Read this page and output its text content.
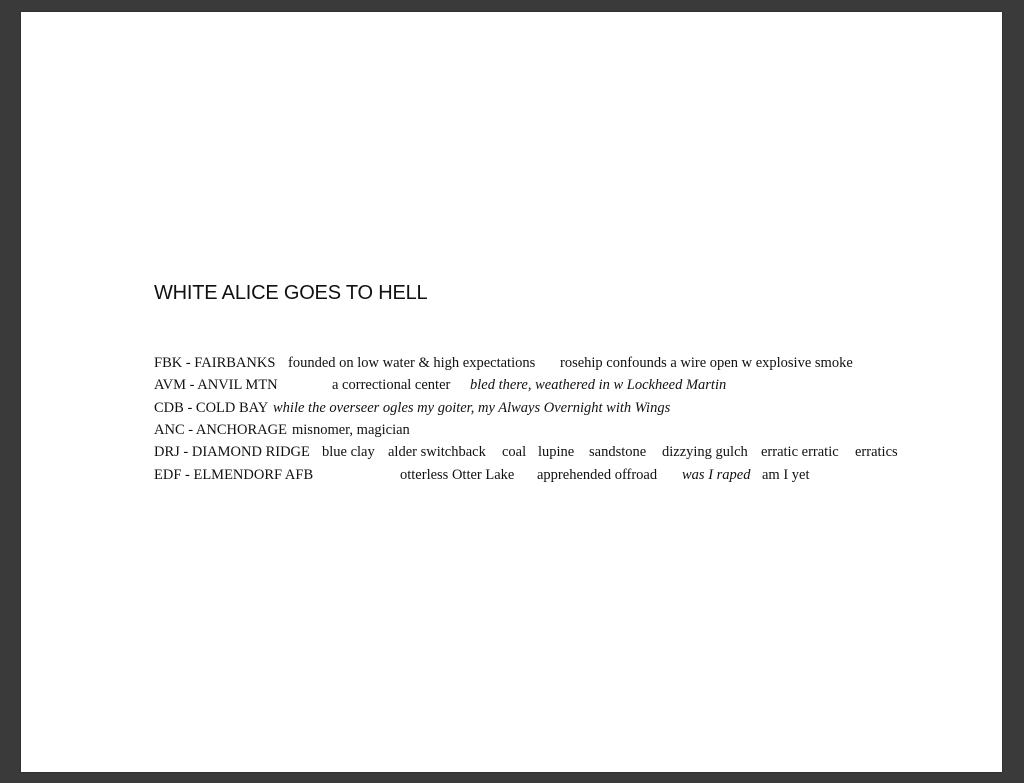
WHITE ALICE GOES TO HELL
FBK - FAIRBANKS founded on low water & high expectations rosehip confounds a wire open w explosive smoke
AVM - ANVIL MTN	a correctional center bled there, weathered in w Lockheed Martin
CDB - COLD BAY while the overseer ogles my goiter, my Always Overnight with Wings
ANC - ANCHORAGE misnomer, magician
DRJ - DIAMOND RIDGE blue clay alder switchback coal lupine sandstone dizzying gulch erratic erratic erratics
EDF - ELMENDORF AFB	otterless Otter Lake apprehended offroad was I raped am I yet
